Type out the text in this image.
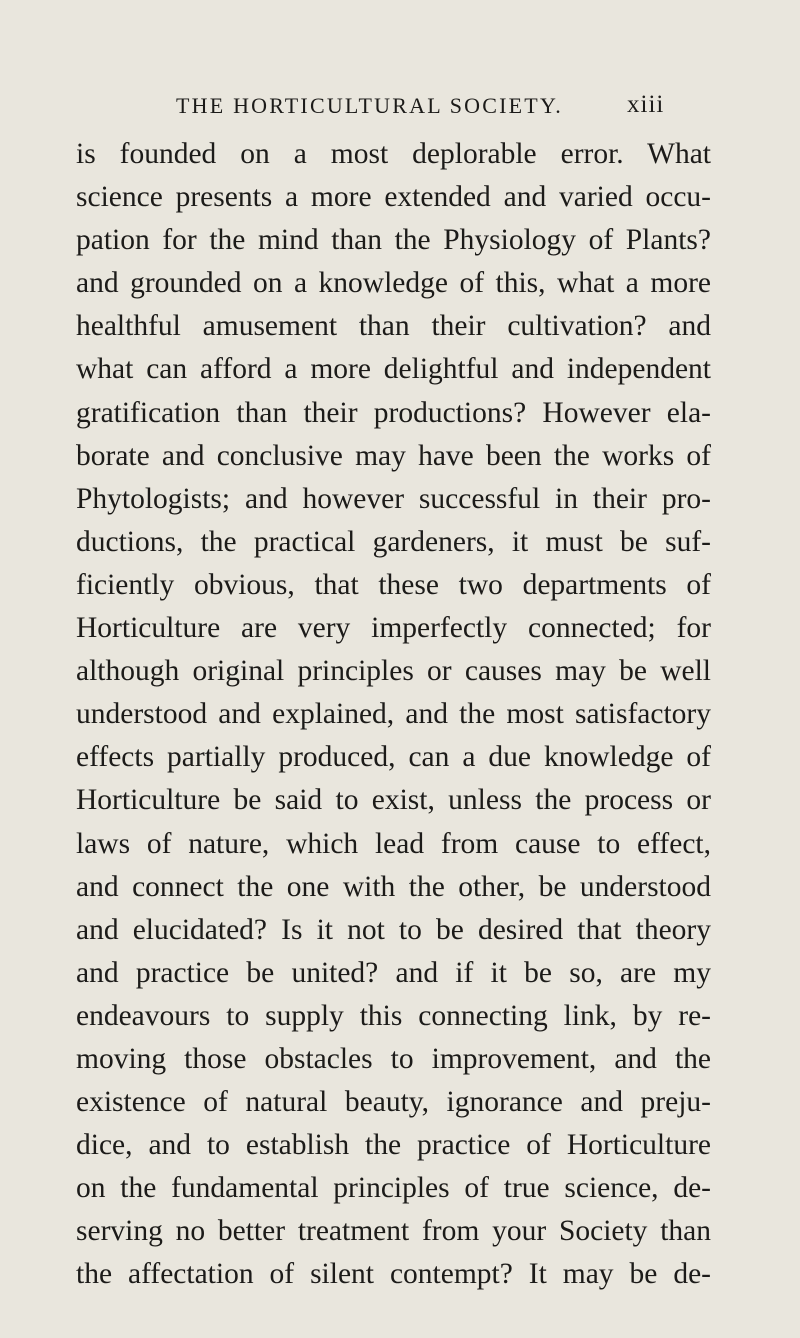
THE HORTICULTURAL SOCIETY.	xiii
is founded on a most deplorable error. What
science presents a more extended and varied occu-
pation for the mind than the Physiology of Plants?
and grounded on a knowledge of this, what a more
healthful amusement than their cultivation? and
what can afford a more delightful and independent
gratification than their productions? However ela-
borate and conclusive may have been the works of
Phytologists; and however successful in their pro-
ductions, the practical gardeners, it must be suf-
ficiently obvious, that these two departments of
Horticulture are very imperfectly connected; for
although original principles or causes may be well
understood and explained, and the most satisfactory
effects partially produced, can a due knowledge of
Horticulture be said to exist, unless the process or
laws of nature, which lead from cause to effect,
and connect the one with the other, be understood
and elucidated? Is it not to be desired that theory
and practice be united? and if it be so, are my
endeavours to supply this connecting link, by re-
moving those obstacles to improvement, and the
existence of natural beauty, ignorance and preju-
dice, and to establish the practice of Horticulture
on the fundamental principles of true science, de-
serving no better treatment from your Society than
the affectation of silent contempt? It may be de-
